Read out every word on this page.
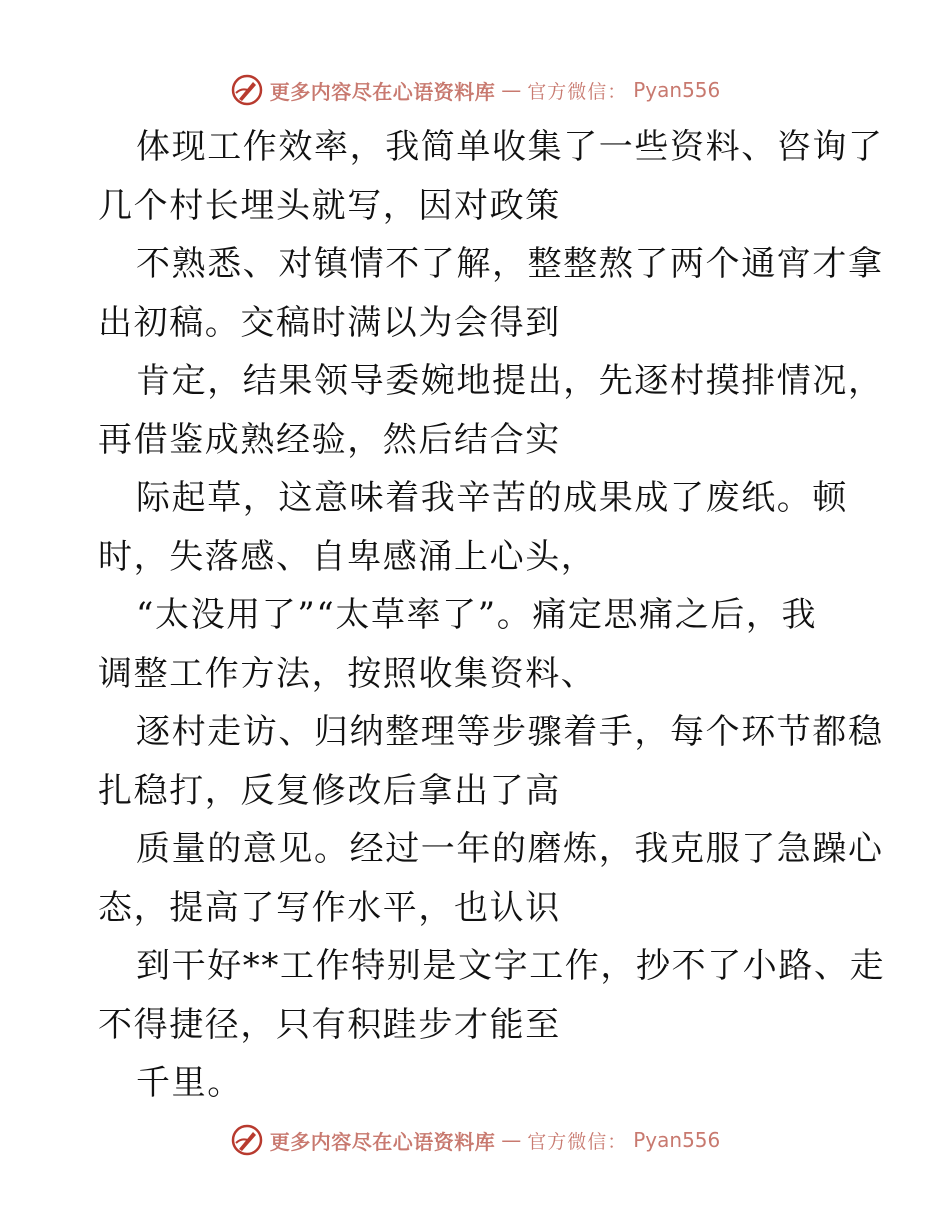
更多内容尽在心语资料库 — 官方微信： Pyan556
体现工作效率，我简单收集了一些资料、咨询了
几个村长埋头就写，因对政策
不熟悉、对镇情不了解，整整熬了两个通宵才拿
出初稿。交稿时满以为会得到
肯定，结果领导委婉地提出，先逐村摸排情况，
再借鉴成熟经验，然后结合实
际起草，这意味着我辛苦的成果成了废纸。顿
时，失落感、自卑感涌上心头，
“太没用了”“太草率了”。痛定思痛之后，我
调整工作方法，按照收集资料、
逐村走访、归纳整理等步骤着手，每个环节都稳
扎稳打，反复修改后拿出了高
质量的意见。经过一年的磨炼，我克服了急躁心
态，提高了写作水平，也认识
到干好**工作特别是文字工作，抄不了小路、走
不得捷径，只有积跬步才能至
千里。
更多内容尽在心语资料库 — 官方微信： Pyan556
